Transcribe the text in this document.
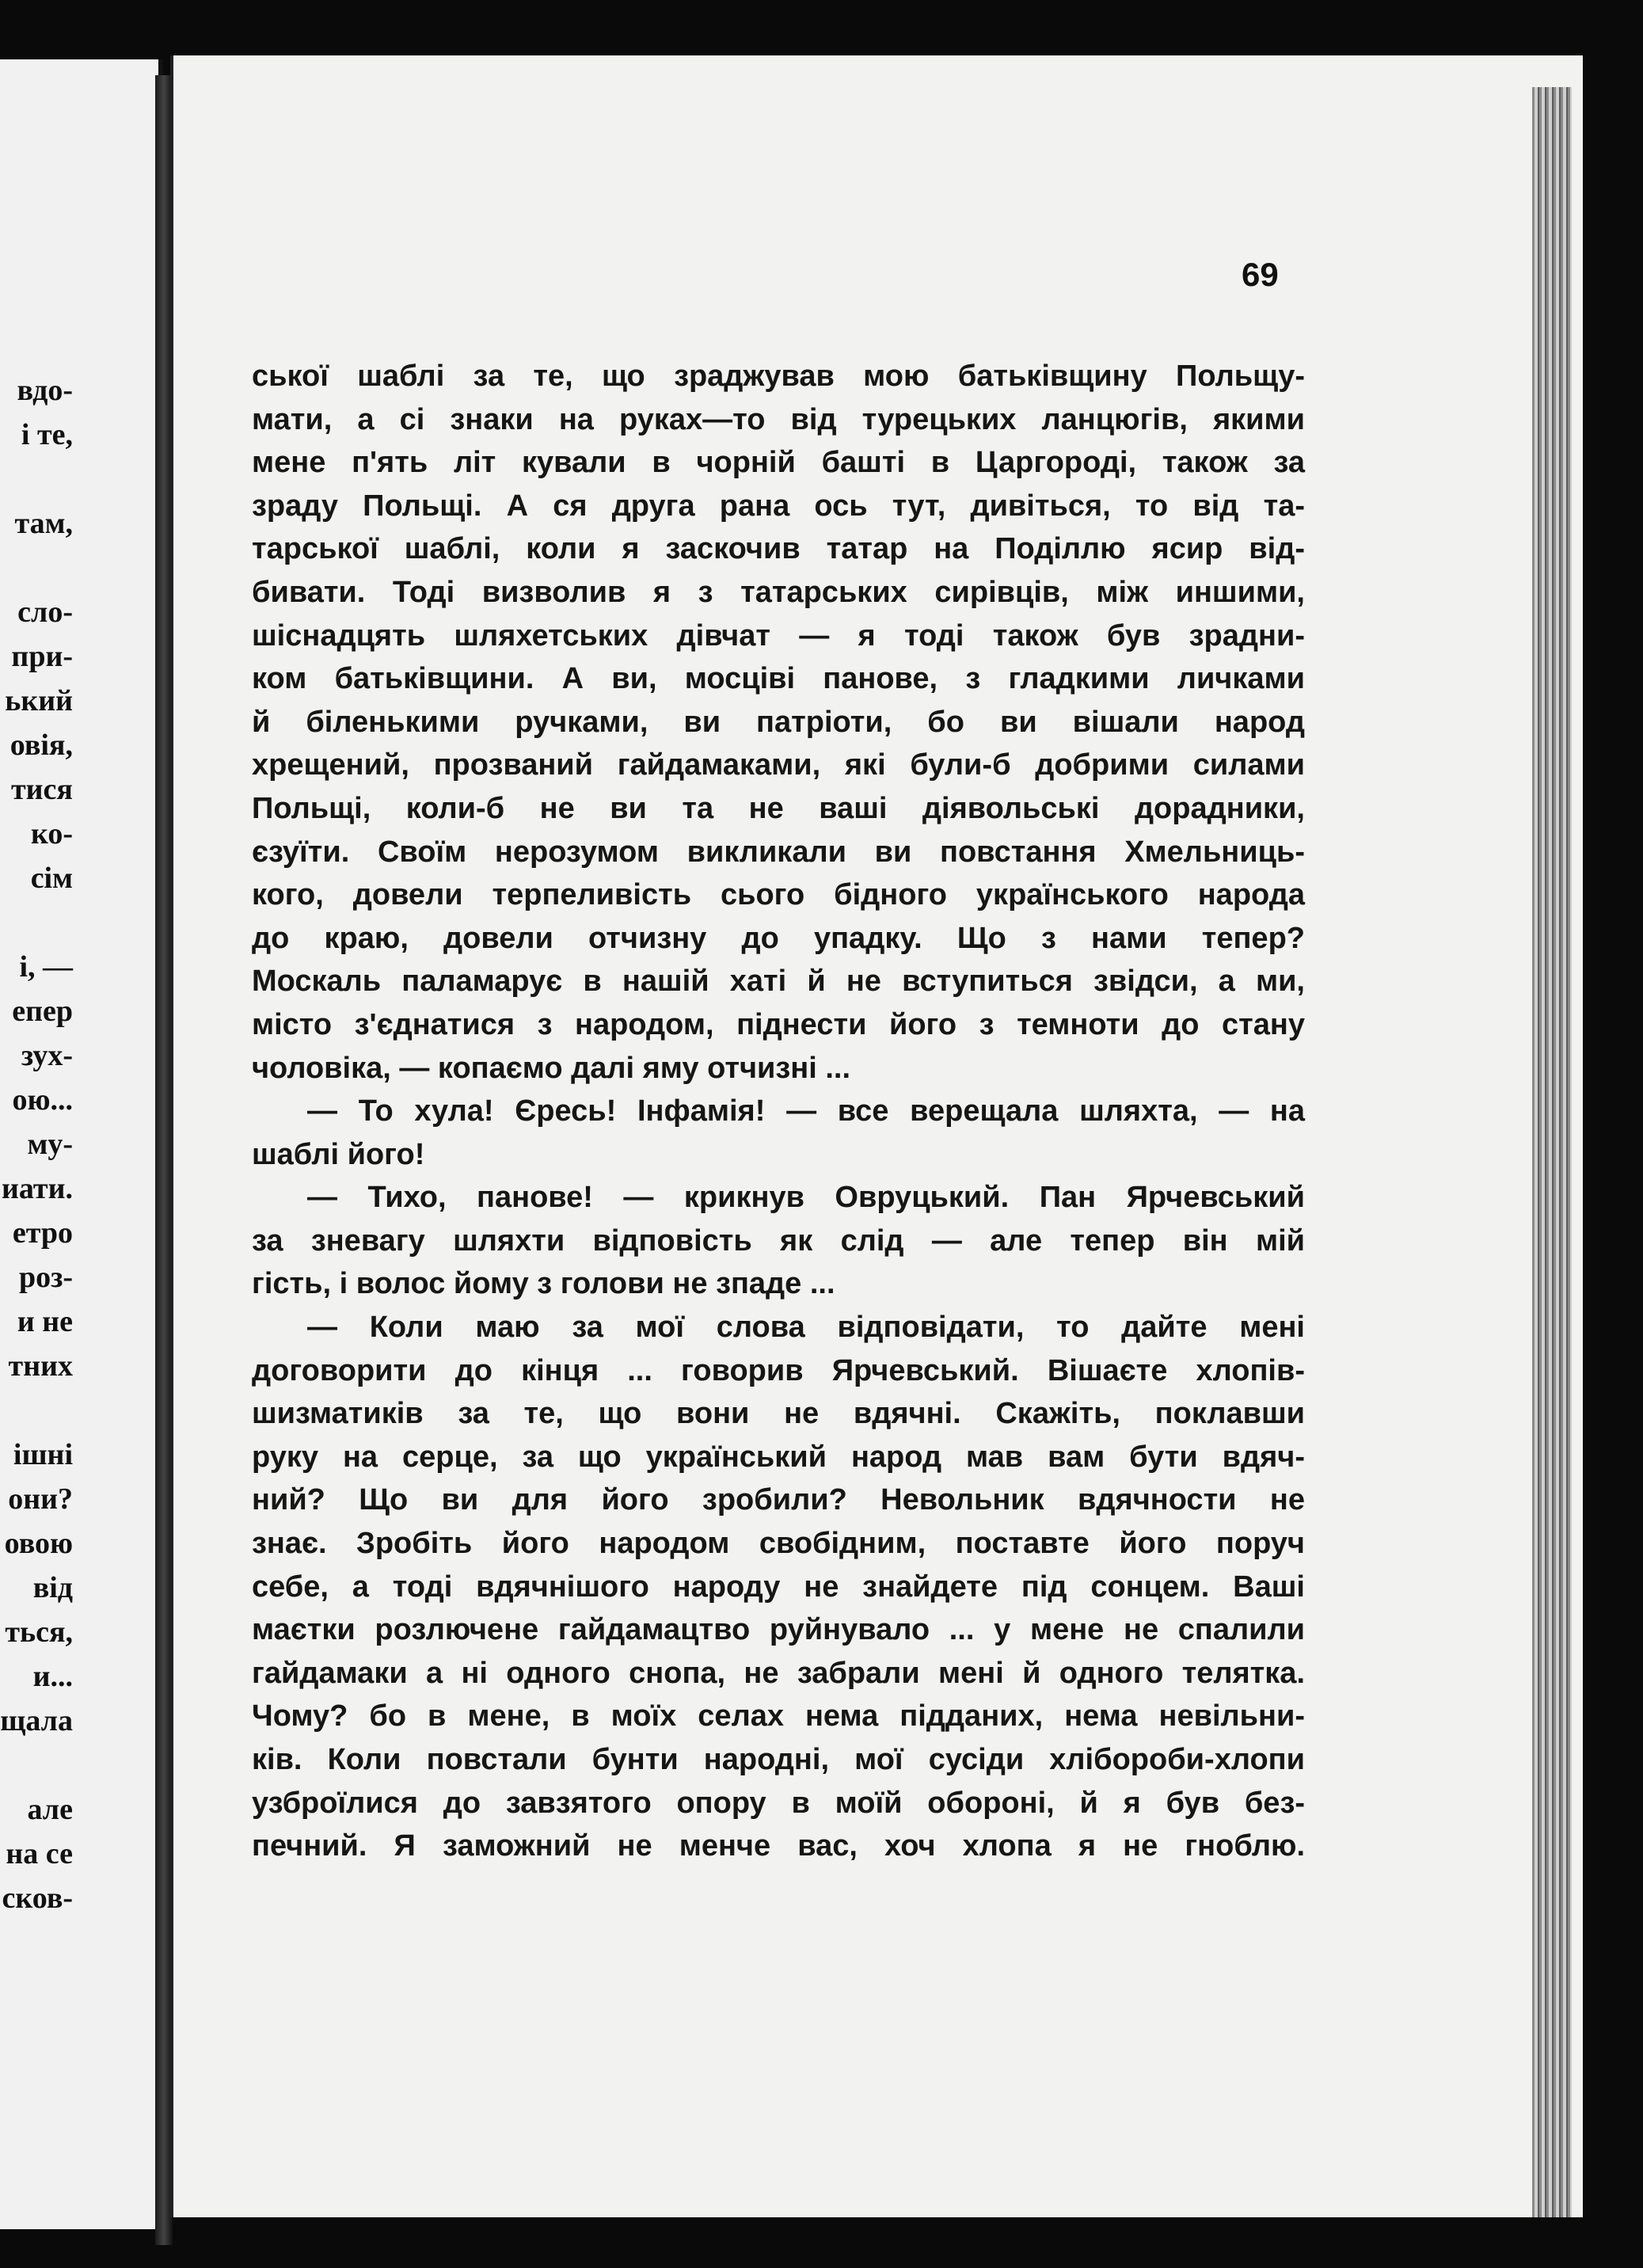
вдо-
і те,
там,
сло-
при-
ький
овія,
тися
ко-
сім
і, —
епер
зух-
ою...
му-
иати.
етро
роз-
и не
тних
ішні
они?
овою
від
ться,
и...
щала
але
на се
сков-
69
ської шаблі за те, що зраджував мою батьківщину Польщу-
мати, а сі знаки на руках—то від турецьких ланцюгів, якими
мене п'ять літ кували в чорній башті в Царгороді, також за
зраду Польщі. А ся друга рана ось тут, дивіться, то від та-
тарської шаблі, коли я заскочив татар на Поділлю ясир від-
бивати. Тоді визволив я з татарських сирівців, між иншими,
шіснадцять шляхетських дівчат — я тоді також був зрадни-
ком батьківщини. А ви, мосціві панове, з гладкими личками
й біленькими ручками, ви патріоти, бо ви вішали народ
хрещений, прозваний гайдамаками, які були-б добрими силами
Польщі, коли-б не ви та не ваші діявольські дорадники,
єзуїти. Своїм нерозумом викликали ви повстання Хмельниць-
кого, довели терпеливість сього бідного українського народа
до краю, довели отчизну до упадку. Що з нами тепер?
Москаль паламарує в нашій хаті й не вступиться звідси, а ми,
місто з'єднатися з народом, піднести його з темноти до стану
чоловіка, — копаємо далі яму отчизні ...
— То хула! Єресь! Інфамія! — все верещала шляхта, — на
шаблі його!
— Тихо, панове! — крикнув Овруцький. Пан Ярчевський
за зневагу шляхти відповість як слід — але тепер він мій
гість, і волос йому з голови не зпаде ...
— Коли маю за мої слова відповідати, то дайте мені
договорити до кінця ... говорив Ярчевський. Вішаєте хлопів-
шизматиків за те, що вони не вдячні. Скажіть, поклавши
руку на серце, за що український народ мав вам бути вдяч-
ний? Що ви для його зробили? Невольник вдячности не
знає. Зробіть його народом свобідним, поставте його поруч
себе, а тоді вдячнішого народу не знайдете під сонцем. Ваші
маєтки розлючене гайдамацтво руйнувало ... у мене не спалили
гайдамаки а ні одного снопа, не забрали мені й одного телятка.
Чому? бо в мене, в моїх селах нема підданих, нема невільни-
ків. Коли повстали бунти народні, мої сусіди хлібороби-хлопи
узброїлися до завзятого опору в моїй обороні, й я був без-
печний. Я заможний не менче вас, хоч хлопа я не гноблю.
